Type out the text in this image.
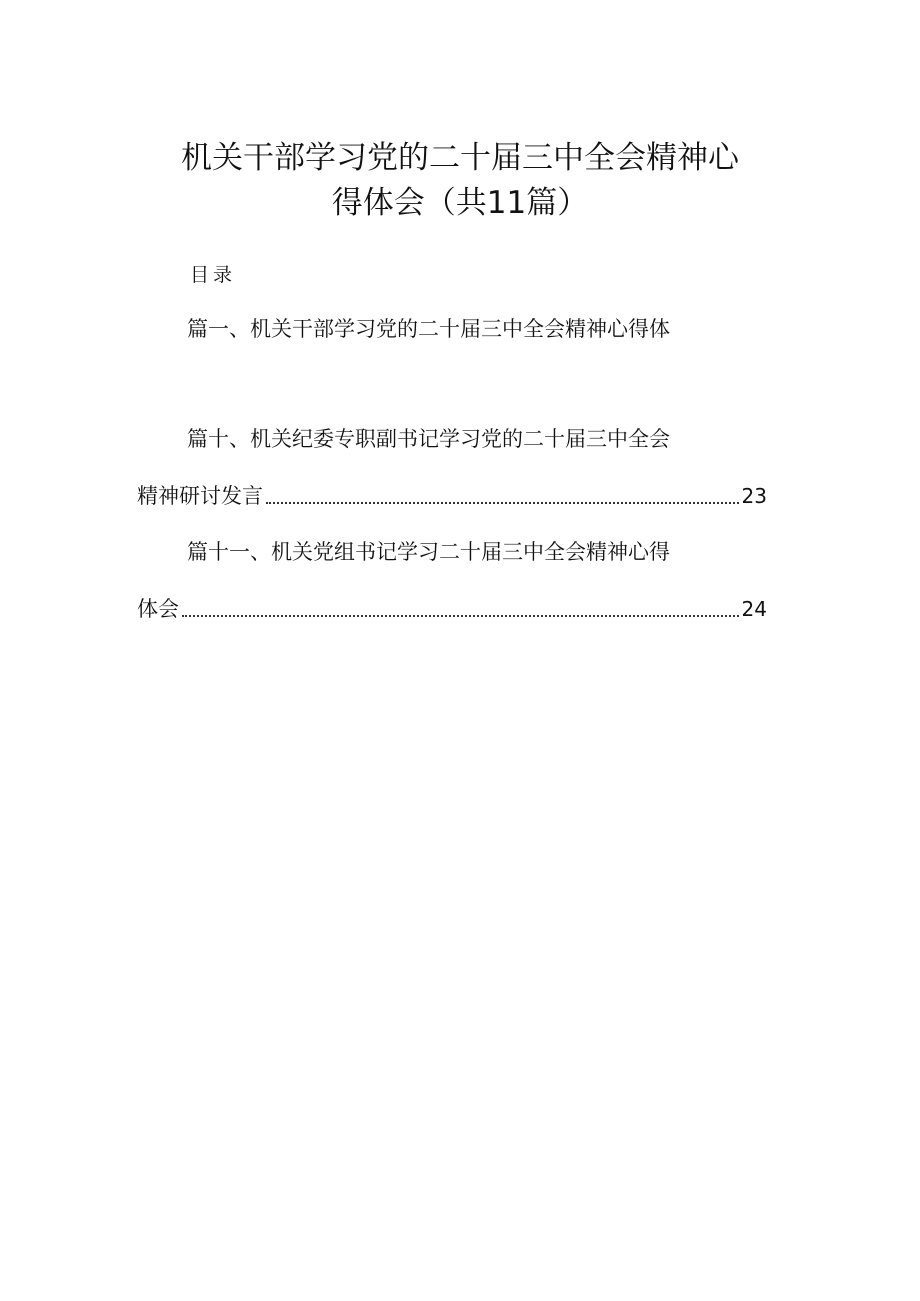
机关干部学习党的二十届三中全会精神心
得体会（共11篇）
目录
篇一、机关干部学习党的二十届三中全会精神心得体
篇十、机关纪委专职副书记学习党的二十届三中全会
精神研讨发言	23
篇十一、机关党组书记学习二十届三中全会精神心得
体会	24
